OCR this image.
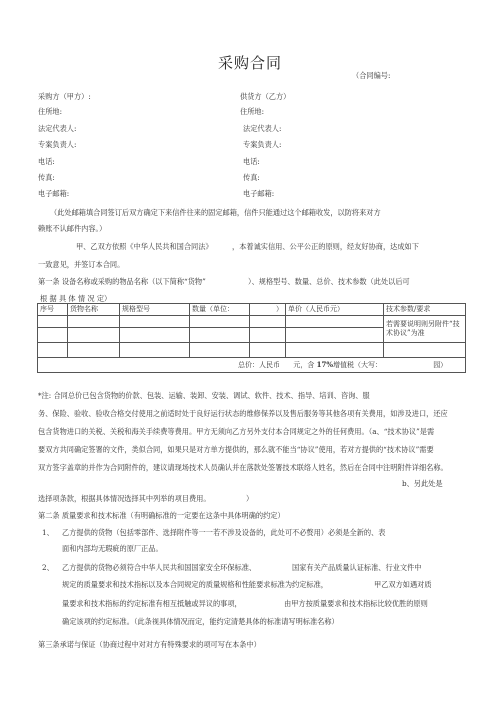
采购合同
（合同编号:
采购方（甲方）:	供货方（乙方）
住所地:	住所地:
法定代表人:	法定代表人:
专案负责人:	专案负责人:
电话:	电话:
传真:	传真:
电子邮箱:	电子邮箱:
（此处邮箱填合同签订后双方确定下来信件往来的固定邮箱，信件只能通过这个邮箱收发，以防将来对方
赖账不认邮件内容。）
甲、乙双方依照《中华人民共和国合同法》	，本着诚实信用、公平公正的原则，经友好协商，达成如下
一致意见，并签订本合同。
第一条 设备名称或采购的物品名称（以下简称“货物”	）、规格型号、数量、总价、技术参数（此处以后可
根 据 具 体 情 况 定）
序号	货物名称	规格型号	数量（单位：	）	单价（人民币元）	技术参数/要求
						若需要说明则另附件“技术协议”为准

总价：人民币 元，含 17%增值税（大写： 园）						
*注: 合同总价已包含货物的价款、包装、运输、装卸、安装、调试、软件、技术、指导、培训、咨询、服
务、保险、验收、验收合格交付使用之前适时处于良好运行状态的维修保养以及售后服务等其他各项有关费用，如涉及进口，还应
包含货物进口的关税、关税和海关手续费等费用。甲方无须向乙方另外支付本合同规定之外的任何费用。（a、“技术协议”是需
要双方共同确定签署的文件，类似合同，如果只是对方单方提供的，那么就不能当“协议”使用，若对方提供的“技术协议”需要
双方签字盖章的并作为合同附件的，建议请现场技术人员确认并在落款处签署技术联络人姓名，然后在合同中注明附件详细名称。
b、另此处是
选择项条款，根据具体情况选择其中列举的项目费用。	）
第二条 质量要求和技术标准（有明确标准的一定要在这条中具体明确的约定）
1、 乙方提供的货物（包括零部件、选择附件等一一若不涉及设备的，此处可不必赘用）必须是全新的、表
面和内部均无瑕疵的原厂正品。
2、 乙方提供的货物必须符合中华人民共和国国家安全环保标准、	国家有关产品质量认证标准、行业文件中
规定的质量要求和技术指标以及本合同规定的质量规格和性能要求标准为约定标准，	甲乙双方如遇对质
量要求和技术指标的约定标准有相互抵触或异议的事项，	由甲方按质量要求和技术指标比较优胜的原则
确定该项的约定标准。（此条视具体情况而定，能约定清楚具体的标准请写明标准名称）
第三条承诺与保证（协商过程中对对方有特殊要求的项可写在本条中）
